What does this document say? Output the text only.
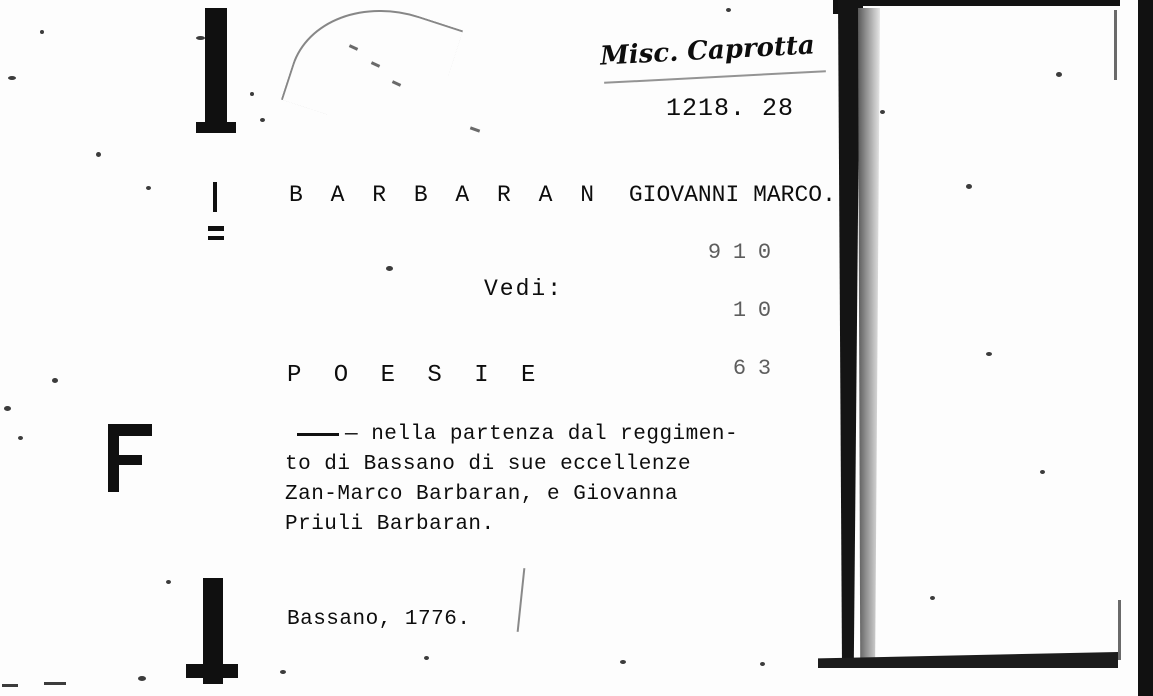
Misc. Caprotta
1218. 28
B A R B A R A N GIOVANNI MARCO.
Vedi:	0 0 3 1 1 6 9
P O E S I E
— nella partenza dal reggimen-
to di Bassano di sue eccellenze
Zan-Marco Barbaran, e Giovanna
Priuli Barbaran.
Bassano, 1776.
